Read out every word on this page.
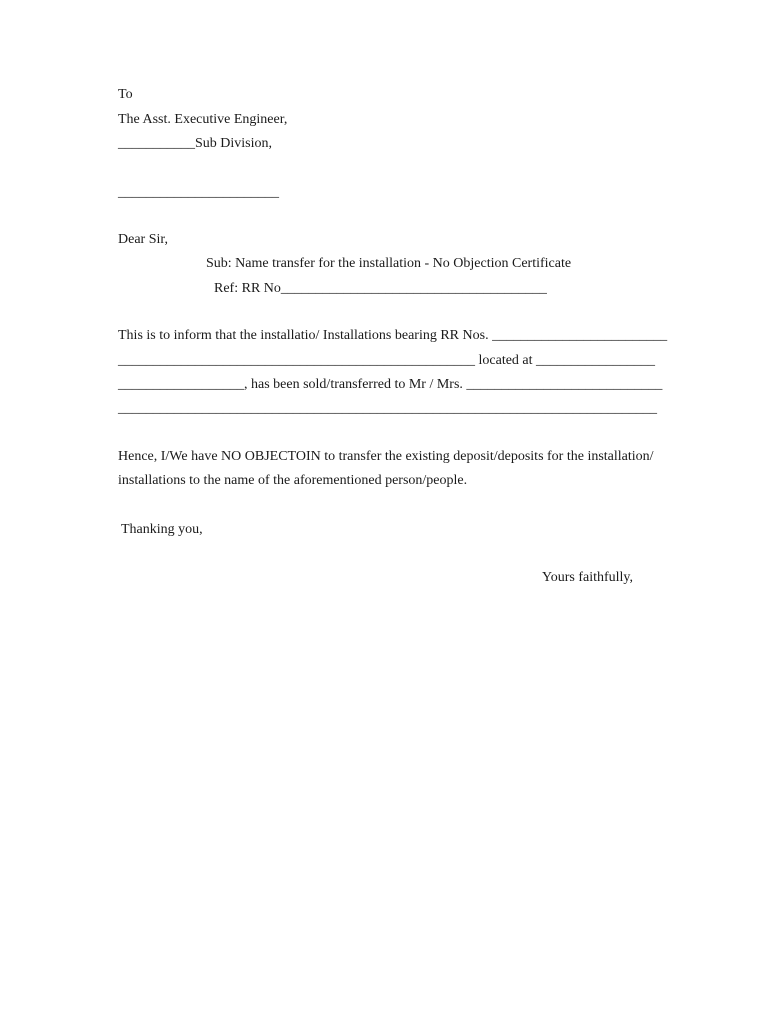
To
The Asst. Executive Engineer,
___________Sub Division,
_______________________
Dear Sir,
Sub: Name transfer for the installation - No Objection Certificate
Ref: RR No______________________________________
This is to inform that the installatio/ Installations bearing RR Nos. _________________________
___________________________________________________ located at _________________
__________________, has been sold/transferred to Mr / Mrs. ____________________________
_____________________________________________________________________________
Hence, I/We have NO OBJECTOIN to transfer the existing deposit/deposits for the installation/
installations to the name of the aforementioned person/people.
Thanking you,
Yours faithfully,
